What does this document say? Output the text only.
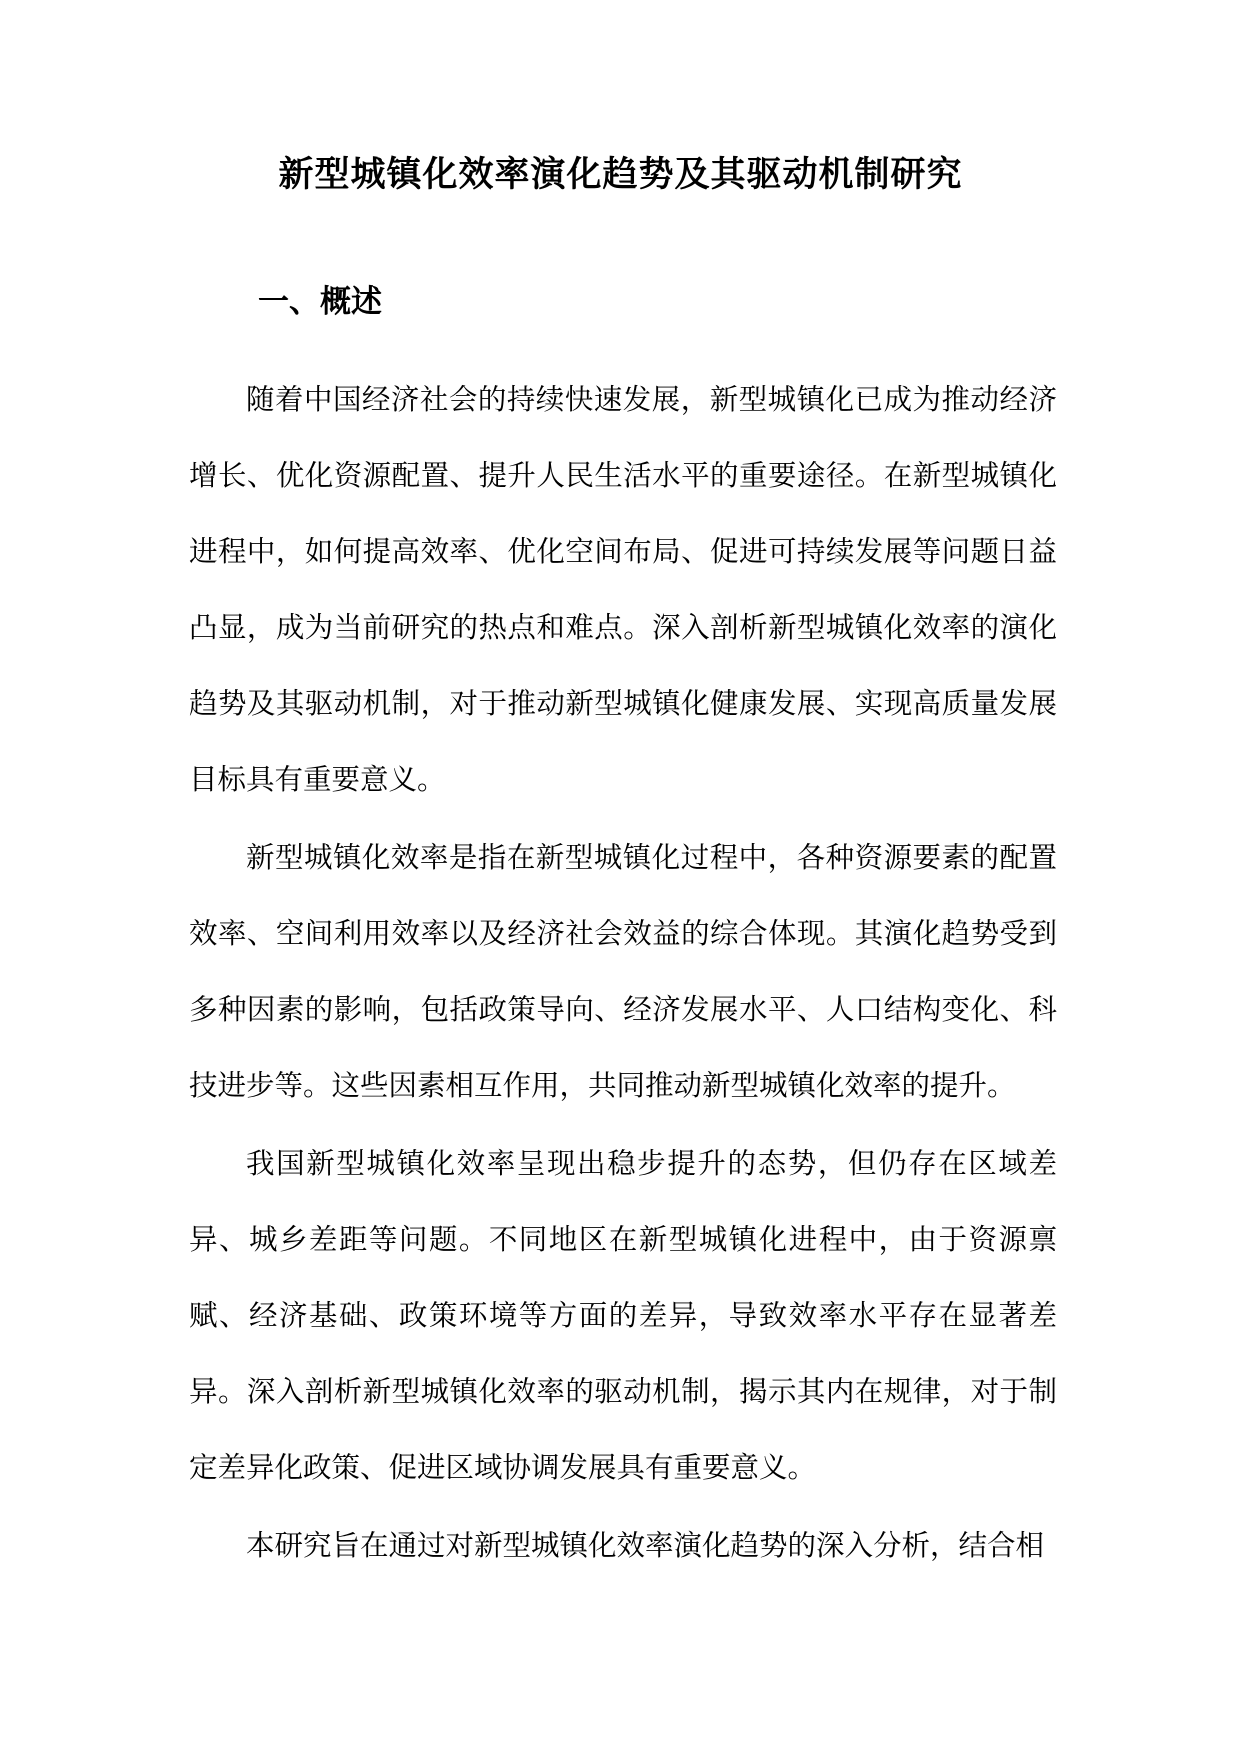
新型城镇化效率演化趋势及其驱动机制研究
一、概述

随着中国经济社会的持续快速发展，新型城镇化已成为推动经济增长、优化资源配置、提升人民生活水平的重要途径。在新型城镇化进程中，如何提高效率、优化空间布局、促进可持续发展等问题日益凸显，成为当前研究的热点和难点。深入剖析新型城镇化效率的演化趋势及其驱动机制，对于推动新型城镇化健康发展、实现高质量发展目标具有重要意义。

新型城镇化效率是指在新型城镇化过程中，各种资源要素的配置效率、空间利用效率以及经济社会效益的综合体现。其演化趋势受到多种因素的影响，包括政策导向、经济发展水平、人口结构变化、科技进步等。这些因素相互作用，共同推动新型城镇化效率的提升。

我国新型城镇化效率呈现出稳步提升的态势，但仍存在区域差异、城乡差距等问题。不同地区在新型城镇化进程中，由于资源禀赋、经济基础、政策环境等方面的差异，导致效率水平存在显著差异。深入剖析新型城镇化效率的驱动机制，揭示其内在规律，对于制定差异化政策、促进区域协调发展具有重要意义。

本研究旨在通过对新型城镇化效率演化趋势的深入分析，结合相
